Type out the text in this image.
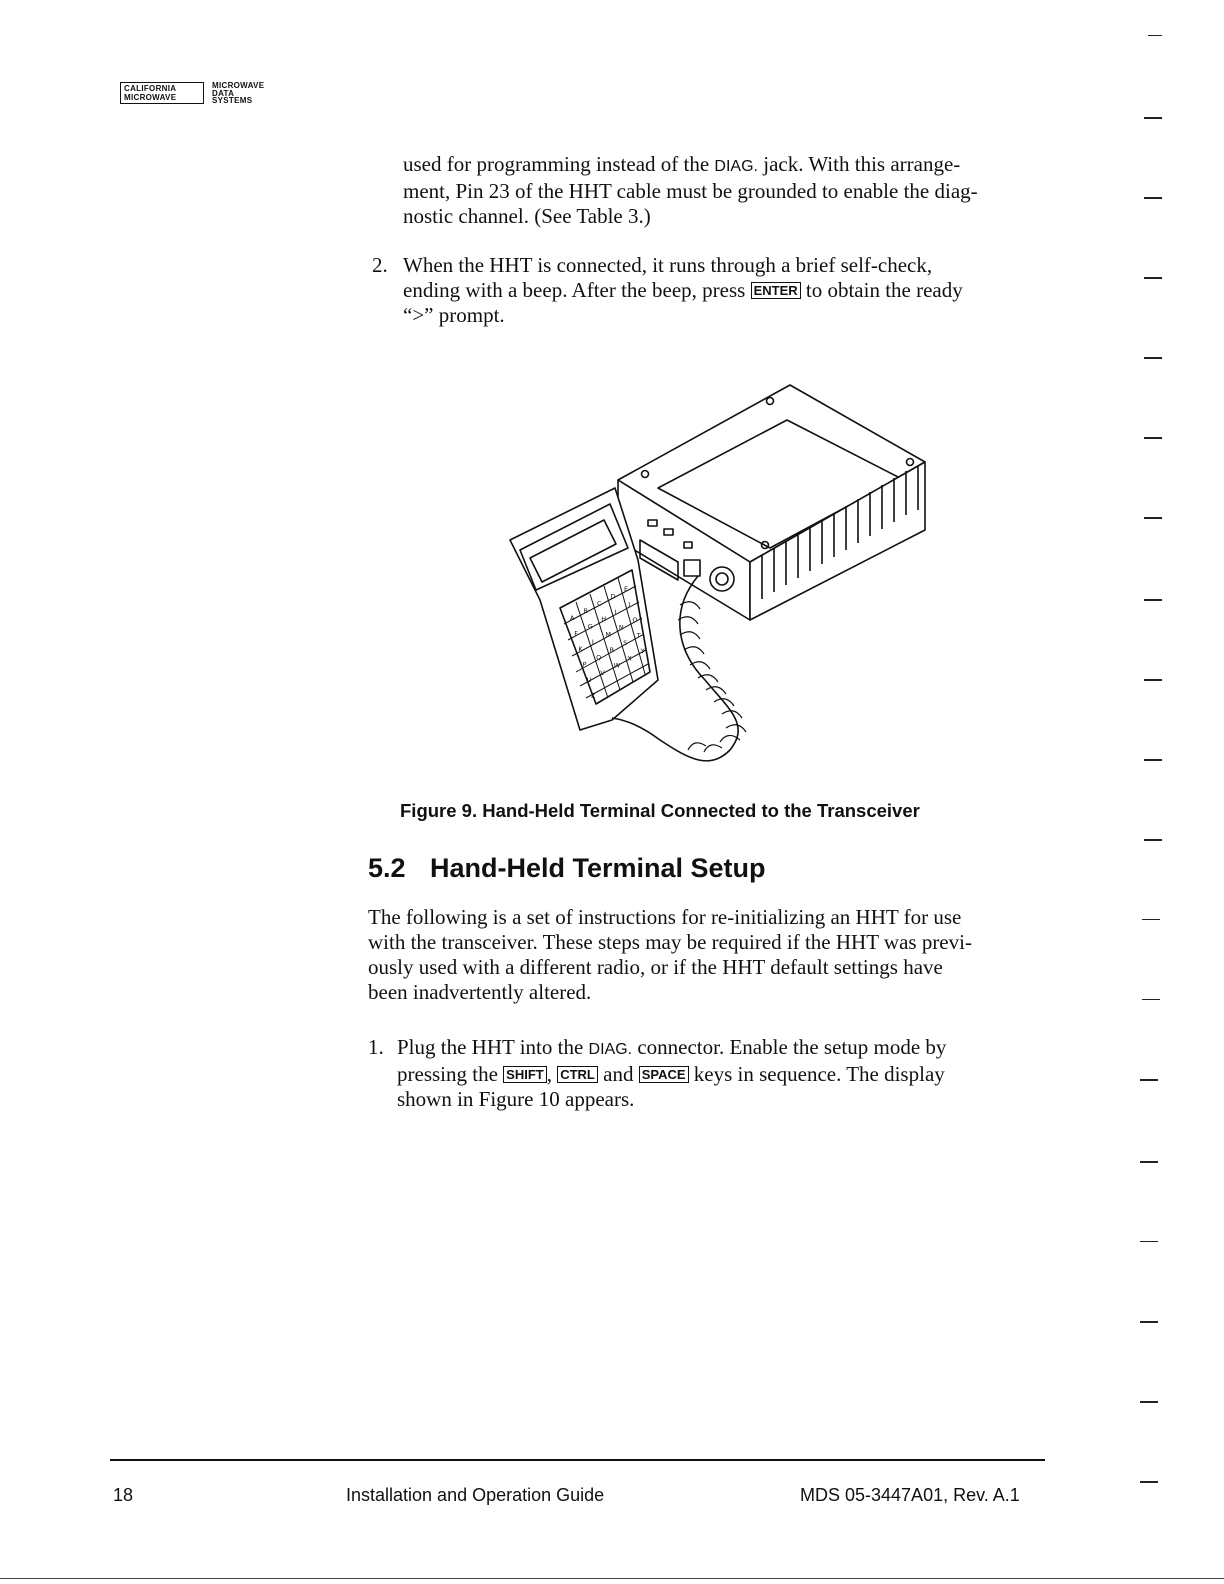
CALIFORNIA
MICROWAVE
MICROWAVE
DATA
SYSTEMS
used for programming instead of the DIAG. jack. With this arrange-
ment, Pin 23 of the HHT cable must be grounded to enable the diag-
nostic channel. (See Table 3.)
2. When the HHT is connected, it runs through a brief self-check,
ending with a beep. After the beep, press ENTER to obtain the ready
“>” prompt.
A
B
C
D
E
F
G
H
I
J
K
L
M
N
O
P
Q
R
S
T
U
V
W
X
Y
Z
Figure 9. Hand-Held Terminal Connected to the Transceiver
5.2 Hand-Held Terminal Setup
The following is a set of instructions for re-initializing an HHT for use
with the transceiver. These steps may be required if the HHT was previ-
ously used with a different radio, or if the HHT default settings have
been inadvertently altered.
1. Plug the HHT into the DIAG. connector. Enable the setup mode by
pressing the SHIFT , CTRL and SPACE keys in sequence. The display
shown in Figure 10 appears.
18	Installation and Operation Guide	MDS 05-3447A01, Rev. A.1
